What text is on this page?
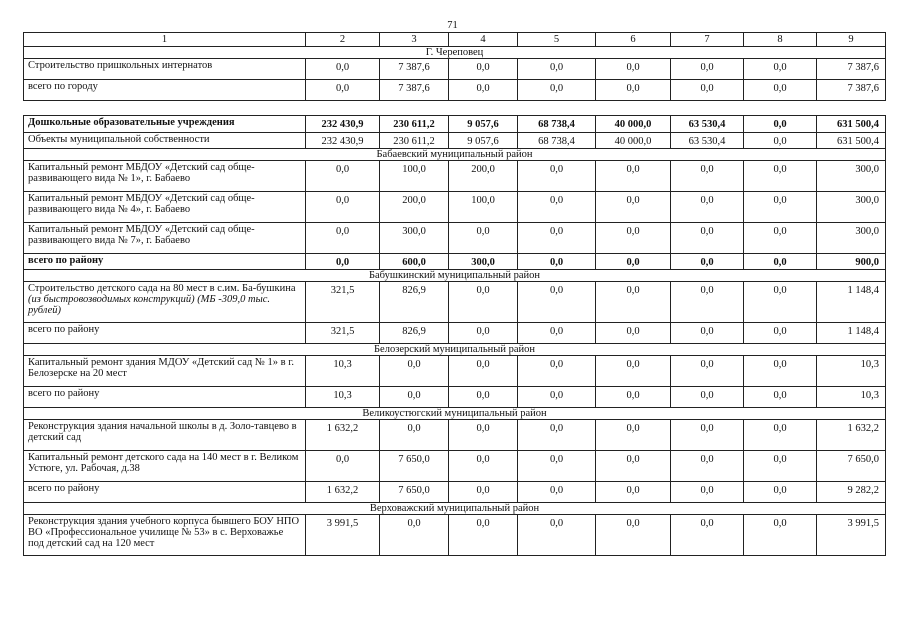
71
1	2	3	4	5	6	7	8	9
Г. Череповец								
Строительство пришкольных интернатов	0,0	7 387,6	0,0	0,0	0,0	0,0	0,0	7 387,6
всего по городу	0,0	7 387,6	0,0	0,0	0,0	0,0	0,0	7 387,6

Дошкольные образовательные учреждения	232 430,9	230 611,2	9 057,6	68 738,4	40 000,0	63 530,4	0,0	631 500,4
Объекты муниципальной собственности	232 430,9	230 611,2	9 057,6	68 738,4	40 000,0	63 530,4	0,0	631 500,4
Бабаевский муниципальный район								
Капитальный ремонт МБДОУ «Детский сад обще-развивающего вида № 1», г. Бабаево	0,0	100,0	200,0	0,0	0,0	0,0	0,0	300,0
Капитальный ремонт МБДОУ «Детский сад обще-развивающего вида № 4», г. Бабаево	0,0	200,0	100,0	0,0	0,0	0,0	0,0	300,0
Капитальный ремонт МБДОУ «Детский сад обще-развивающего вида № 7», г. Бабаево	0,0	300,0	0,0	0,0	0,0	0,0	0,0	300,0
всего по району	0,0	600,0	300,0	0,0	0,0	0,0	0,0	900,0
Бабушкинский муниципальный район								
Строительство детского сада на 80 мест в с.им. Ба-бушкина (из быстровозводимых конструкций) (МБ -309,0 тыс. рублей)	321,5	826,9	0,0	0,0	0,0	0,0	0,0	1 148,4
всего по району	321,5	826,9	0,0	0,0	0,0	0,0	0,0	1 148,4
Белозерский муниципальный район								
Капитальный ремонт здания МДОУ «Детский сад № 1» в г. Белозерске на 20 мест	10,3	0,0	0,0	0,0	0,0	0,0	0,0	10,3
всего по району	10,3	0,0	0,0	0,0	0,0	0,0	0,0	10,3
Великоустюгский муниципальный район								
Реконструкция здания начальной школы в д. Золо-тавцево в детский сад	1 632,2	0,0	0,0	0,0	0,0	0,0	0,0	1 632,2
Капитальный ремонт детского сада на 140 мест в г. Великом Устюге, ул. Рабочая, д.38	0,0	7 650,0	0,0	0,0	0,0	0,0	0,0	7 650,0
всего по району	1 632,2	7 650,0	0,0	0,0	0,0	0,0	0,0	9 282,2
Верховажский муниципальный район								
Реконструкция здания учебного корпуса бывшего БОУ НПО ВО «Профессиональное училище № 53» в с. Верховажье под детский сад на 120 мест	3 991,5	0,0	0,0	0,0	0,0	0,0	0,0	3 991,5
